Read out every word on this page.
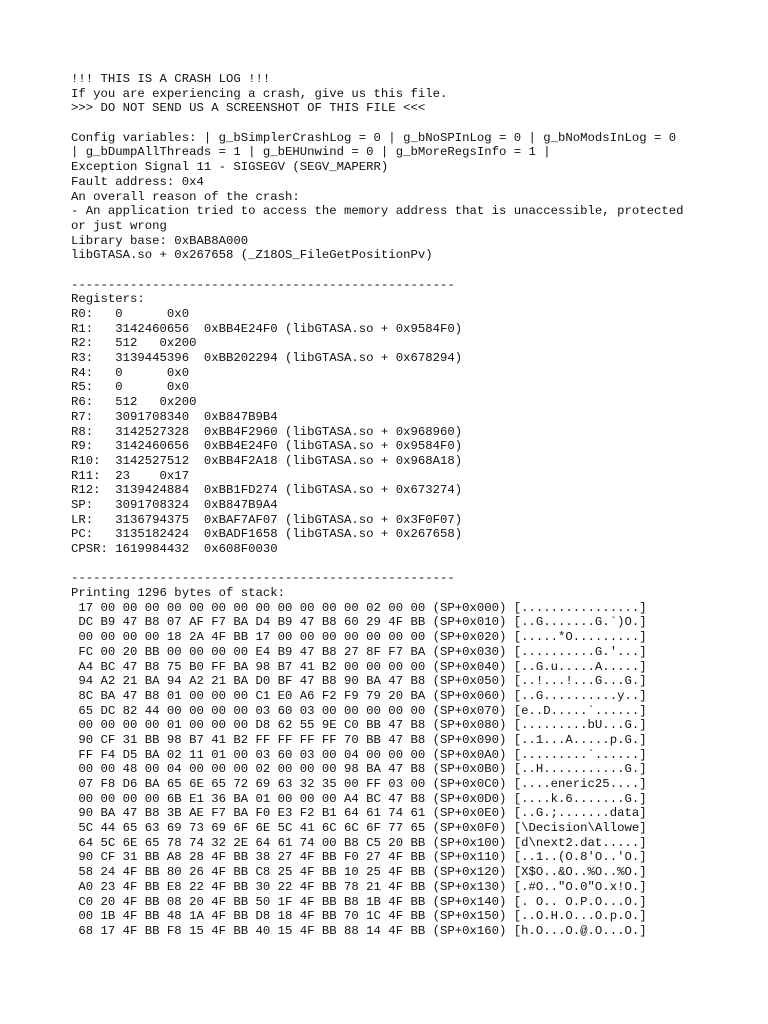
!!! THIS IS A CRASH LOG !!!
If you are experiencing a crash, give us this file.
>>> DO NOT SEND US A SCREENSHOT OF THIS FILE <<<
Config variables: | g_bSimplerCrashLog = 0 | g_bNoSPInLog = 0 | g_bNoModsInLog = 0
| g_bDumpAllThreads = 1 | g_bEHUnwind = 0 | g_bMoreRegsInfo = 1 |
Exception Signal 11 - SIGSEGV (SEGV_MAPERR)
Fault address: 0x4
An overall reason of the crash:
- An application tried to access the memory address that is unaccessible, protected
or just wrong
Library base: 0xBAB8A000
libGTASA.so + 0x267658 (_Z18OS_FileGetPositionPv)
----------------------------------------------------
Registers:
R0:   0      0x0
R1:   3142460656  0xBB4E24F0 (libGTASA.so + 0x9584F0)
R2:   512   0x200
R3:   3139445396  0xBB202294 (libGTASA.so + 0x678294)
R4:   0      0x0
R5:   0      0x0
R6:   512   0x200
R7:   3091708340  0xB847B9B4
R8:   3142527328  0xBB4F2960 (libGTASA.so + 0x968960)
R9:   3142460656  0xBB4E24F0 (libGTASA.so + 0x9584F0)
R10:  3142527512  0xBB4F2A18 (libGTASA.so + 0x968A18)
R11:  23    0x17
R12:  3139424884  0xBB1FD274 (libGTASA.so + 0x673274)
SP:   3091708324  0xB847B9A4
LR:   3136794375  0xBAF7AF07 (libGTASA.so + 0x3F0F07)
PC:   3135182424  0xBADF1658 (libGTASA.so + 0x267658)
CPSR: 1619984432  0x608F0030
----------------------------------------------------
Printing 1296 bytes of stack:
17 00 00 00 00 00 00 00 00 00 00 00 00 02 00 00 (SP+0x000) [................]
DC B9 47 B8 07 AF F7 BA D4 B9 47 B8 60 29 4F BB (SP+0x010) [..G.......G.`)O.]
00 00 00 00 18 2A 4F BB 17 00 00 00 00 00 00 00 (SP+0x020) [.....*O.........]
FC 00 20 BB 00 00 00 00 E4 B9 47 B8 27 8F F7 BA (SP+0x030) [..........G.'...]
A4 BC 47 B8 75 B0 FF BA 98 B7 41 B2 00 00 00 00 (SP+0x040) [..G.u.....A.....]
94 A2 21 BA 94 A2 21 BA D0 BF 47 B8 90 BA 47 B8 (SP+0x050) [..!...!...G...G.]
8C BA 47 B8 01 00 00 00 C1 E0 A6 F2 F9 79 20 BA (SP+0x060) [..G..........y..]
65 DC 82 44 00 00 00 00 03 60 03 00 00 00 00 00 (SP+0x070) [e..D.....`......]
00 00 00 00 01 00 00 00 D8 62 55 9E C0 BB 47 B8 (SP+0x080) [.........bU...G.]
90 CF 31 BB 98 B7 41 B2 FF FF FF FF 70 BB 47 B8 (SP+0x090) [..1...A.....p.G.]
FF F4 D5 BA 02 11 01 00 03 60 03 00 04 00 00 00 (SP+0x0A0) [.........`......]
00 00 48 00 04 00 00 00 02 00 00 00 98 BA 47 B8 (SP+0x0B0) [..H...........G.]
07 F8 D6 BA 65 6E 65 72 69 63 32 35 00 FF 03 00 (SP+0x0C0) [....eneric25....]
00 00 00 00 6B E1 36 BA 01 00 00 00 A4 BC 47 B8 (SP+0x0D0) [....k.6.......G.]
90 BA 47 B8 3B AE F7 BA F0 E3 F2 B1 64 61 74 61 (SP+0x0E0) [..G.;.......data]
5C 44 65 63 69 73 69 6F 6E 5C 41 6C 6C 6F 77 65 (SP+0x0F0) [\Decision\Allowe]
64 5C 6E 65 78 74 32 2E 64 61 74 00 B8 C5 20 BB (SP+0x100) [d\next2.dat.....]
90 CF 31 BB A8 28 4F BB 38 27 4F BB F0 27 4F BB (SP+0x110) [..1..(O.8'O..'O.]
58 24 4F BB 80 26 4F BB C8 25 4F BB 10 25 4F BB (SP+0x120) [X$O..&O..%O..%O.]
A0 23 4F BB E8 22 4F BB 30 22 4F BB 78 21 4F BB (SP+0x130) [.#O.."O.0"O.x!O.]
C0 20 4F BB 08 20 4F BB 50 1F 4F BB B8 1B 4F BB (SP+0x140) [. O.. O.P.O...O.]
00 1B 4F BB 48 1A 4F BB D8 18 4F BB 70 1C 4F BB (SP+0x150) [..O.H.O...O.p.O.]
68 17 4F BB F8 15 4F BB 40 15 4F BB 88 14 4F BB (SP+0x160) [h.O...O.@.O...O.]
